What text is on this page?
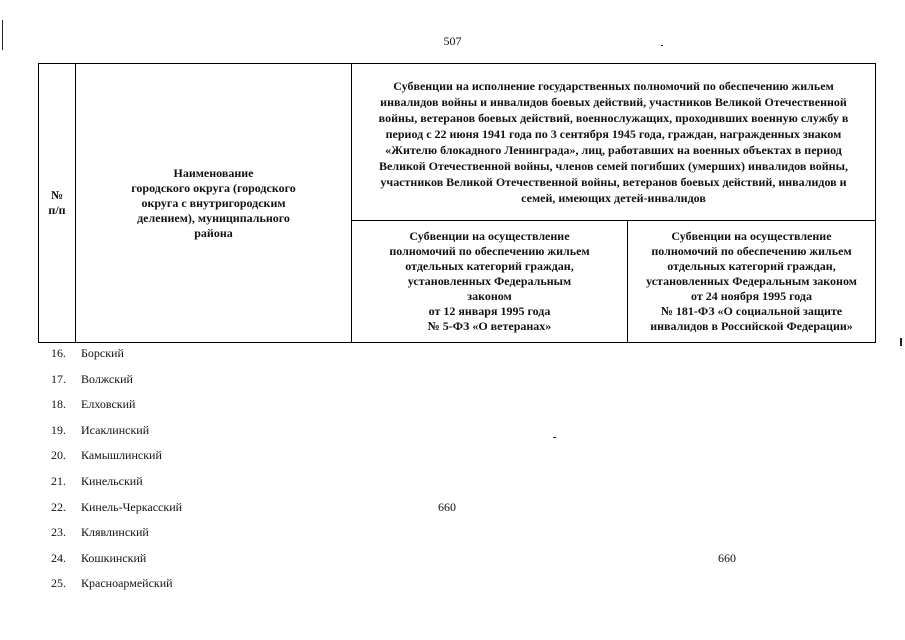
507
№
п/п
Наименование
городского округа (городского
округа с внутригородским
делением), муниципального
района
Субвенции на исполнение государственных полномочий по обеспечению жильем инвалидов войны и инвалидов боевых действий, участников Великой Отечественной войны, ветеранов боевых действий, военнослужащих, проходивших военную службу в период с 22 июня 1941 года по 3 сентября 1945 года, граждан, награжденных знаком «Жителю блокадного Ленинграда», лиц, работавших на военных объектах в период Великой Отечественной войны, членов семей погибших (умерших) инвалидов войны, участников Великой Отечественной войны, ветеранов боевых действий, инвалидов и семей, имеющих детей-инвалидов
Субвенции на осуществление
полномочий по обеспечению жильем
отдельных категорий граждан,
установленных Федеральным
законом
от 12 января 1995 года
№ 5-ФЗ «О ветеранах»
Субвенции на осуществление
полномочий по обеспечению жильем
отдельных категорий граждан,
установленных Федеральным законом
от 24 ноября 1995 года
№ 181-ФЗ «О социальной защите
инвалидов в Российской Федерации»
16. Борский
17. Волжский
18. Елховский
19. Исаклинский
20. Камышлинский
21. Кинельский
22. Кинель-Черкасский	660
23. Клявлинский
24. Кошкинский	660
25. Красноармейский
